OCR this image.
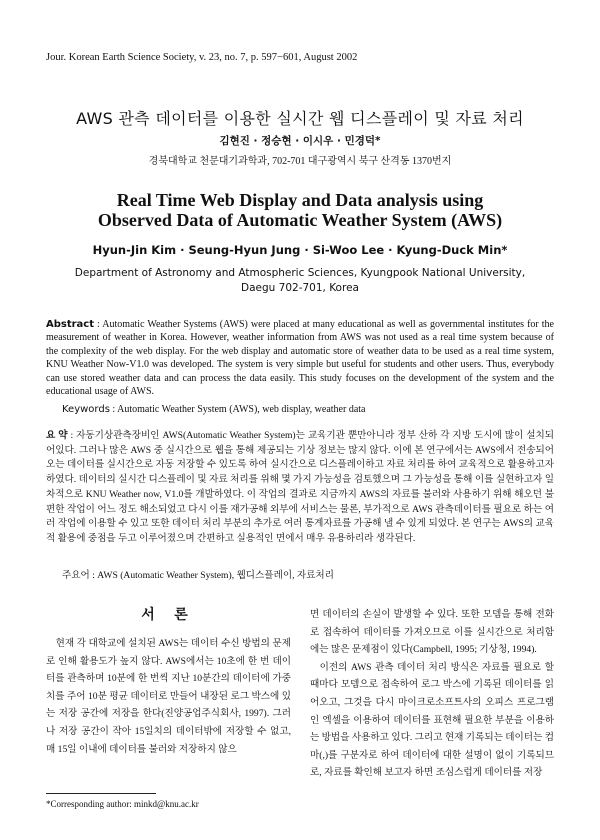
Jour. Korean Earth Science Society, v. 23, no. 7, p. 597−601, August 2002
AWS 관측 데이터를 이용한 실시간 웹 디스플레이 및 자료 처리
김현진 · 정승현 · 이시우 · 민경덕*
경북대학교 천문대기과학과, 702-701 대구광역시 북구 산격동 1370번지
Real Time Web Display and Data analysis using
Observed Data of Automatic Weather System (AWS)
Hyun-Jin Kim · Seung-Hyun Jung · Si-Woo Lee · Kyung-Duck Min*
Department of Astronomy and Atmospheric Sciences, Kyungpook National University, Daegu 702-701, Korea
Abstract : Automatic Weather Systems (AWS) were placed at many educational as well as governmental institutes for the measurement of weather in Korea. However, weather information from AWS was not used as a real time system because of the complexity of the web display. For the web display and automatic store of weather data to be used as a real time system, KNU Weather Now-V1.0 was developed. The system is very simple but useful for students and other users. Thus, everybody can use stored weather data and can process the data easily. This study focuses on the development of the system and the educational usage of AWS.
Keywords : Automatic Weather System (AWS), web display, weather data
요 약 : 자동기상관측장비인 AWS(Automatic Weather System)는 교육기관 뿐만아니라 정부 산하 각 지방 도시에 많이 설치되어있다. 그러나 많은 AWS 중 실시간으로 웹을 통해 제공되는 기상 정보는 많지 않다. 이에 본 연구에서는 AWS에서 전송되어 오는 데이터를 실시간으로 자동 저장할 수 있도록 하여 실시간으로 디스플레이하고 자료 처리를 하여 교육적으로 활용하고자 하였다. 데이터의 실시간 디스플레이 및 자료 처리를 위해 몇 가지 가능성을 검토했으며 그 가능성을 통해 이를 실현하고자 일차적으로 KNU Weather now, V1.0를 개발하였다. 이 작업의 결과로 지금까지 AWS의 자료를 불러와 사용하기 위해 해오던 불편한 작업이 어느 정도 해소되었고 다시 이를 재가공해 외부에 서비스는 물론, 부가적으로 AWS 관측데이터를 필요로 하는 여러 작업에 이용할 수 있고 또한 데이터 처리 부분의 추가로 여러 통계자료를 가공해 낼 수 있게 되었다. 본 연구는 AWS의 교육적 활용에 중점을 두고 이루어졌으며 간편하고 실용적인 면에서 매우 유용하리라 생각된다.
주요어 : AWS (Automatic Weather System), 웹디스플레이, 자료처리
서 론
현재 각 대학교에 설치된 AWS는 데이터 수신 방법의 문제로 인해 활용도가 높지 않다. AWS에서는 10초에 한 번 데이터를 관측하며 10분에 한 번씩 지난 10분간의 데이터에 가중치를 주어 10분 평균 데이터로 만들어 내장된 로그 박스에 있는 저장 공간에 저장을 한다(진양공업주식회사, 1997). 그러나 저장 공간이 작아 15일치의 데이터밖에 저장할 수 없고, 매 15일 이내에 데이터를 불러와 저장하지 않으

면 데이터의 손실이 발생할 수 있다. 또한 모뎀을 통해 전화로 접속하여 데이터를 가져오므로 이를 실시간으로 처리함에는 많은 문제점이 있다(Campbell, 1995; 기상청, 1994).

이전의 AWS 관측 데이터 처리 방식은 자료를 필요로 할 때마다 모뎀으로 접속하여 로그 박스에 기록된 데이터를 읽어오고, 그것을 다시 마이크로소프트사의 오피스 프로그램인 엑셀을 이용하여 데이터를 표현해 필요한 부분을 이용하는 방법을 사용하고 있다. 그리고 현재 기록되는 데이터는 컴마(,)를 구분자로 하여 데이터에 대한 설명이 없이 기록되므로, 자료를 확인해 보고자 하면 조심스럽게 데이터를 저장

*Corresponding author: minkd@knu.ac.kr
